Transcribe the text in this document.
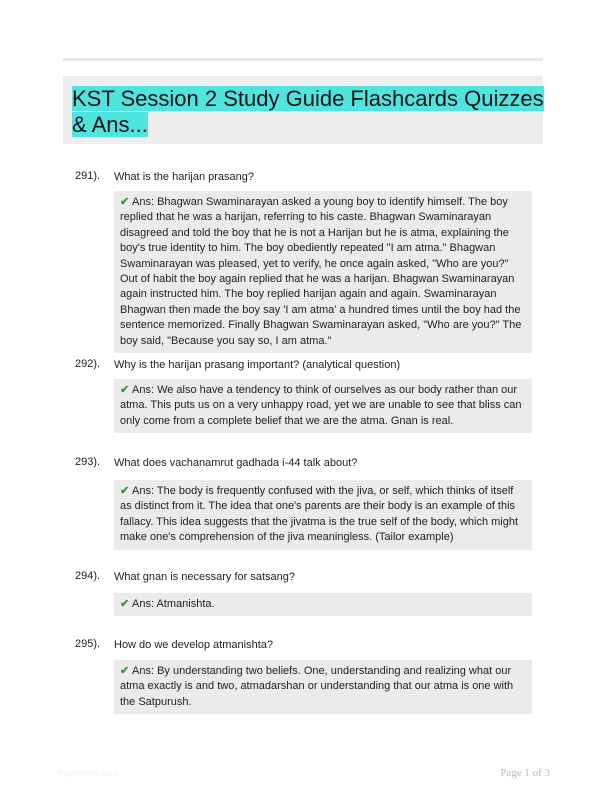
KST Session 2 Study Guide Flashcards Quizzes & Ans...
291). What is the harijan prasang?
✔ Ans: Bhagwan Swaminarayan asked a young boy to identify himself. The boy replied that he was a harijan, referring to his caste. Bhagwan Swaminarayan disagreed and told the boy that he is not a Harijan but he is atma, explaining the boy's true identity to him. The boy obediently repeated "I am atma." Bhagwan Swaminarayan was pleased, yet to verify, he once again asked, "Who are you?" Out of habit the boy again replied that he was a harijan. Bhagwan Swaminarayan again instructed him. The boy replied harijan again and again. Swaminarayan Bhagwan then made the boy say 'I am atma' a hundred times until the boy had the sentence memorized. Finally Bhagwan Swaminarayan asked, "Who are you?" The boy said, "Because you say so, I am atma."
292). Why is the harijan prasang important? (analytical question)
✔ Ans: We also have a tendency to think of ourselves as our body rather than our atma. This puts us on a very unhappy road, yet we are unable to see that bliss can only come from a complete belief that we are the atma. Gnan is real.
293). What does vachanamrut gadhada i-44 talk about?
✔ Ans: The body is frequently confused with the jiva, or self, which thinks of itself as distinct from it. The idea that one's parents are their body is an example of this fallacy. This idea suggests that the jivatma is the true self of the body, which might make one's comprehension of the jiva meaningless. (Tailor example)
294). What gnan is necessary for satsang?
✔ Ans: Atmanishta.
295). How do we develop atmanishta?
✔ Ans: By understanding two beliefs. One, understanding and realizing what our atma exactly is and two, atmadarshan or understanding that our atma is one with the Satpurush.
Paperfolio.com	Page 1 of 3
